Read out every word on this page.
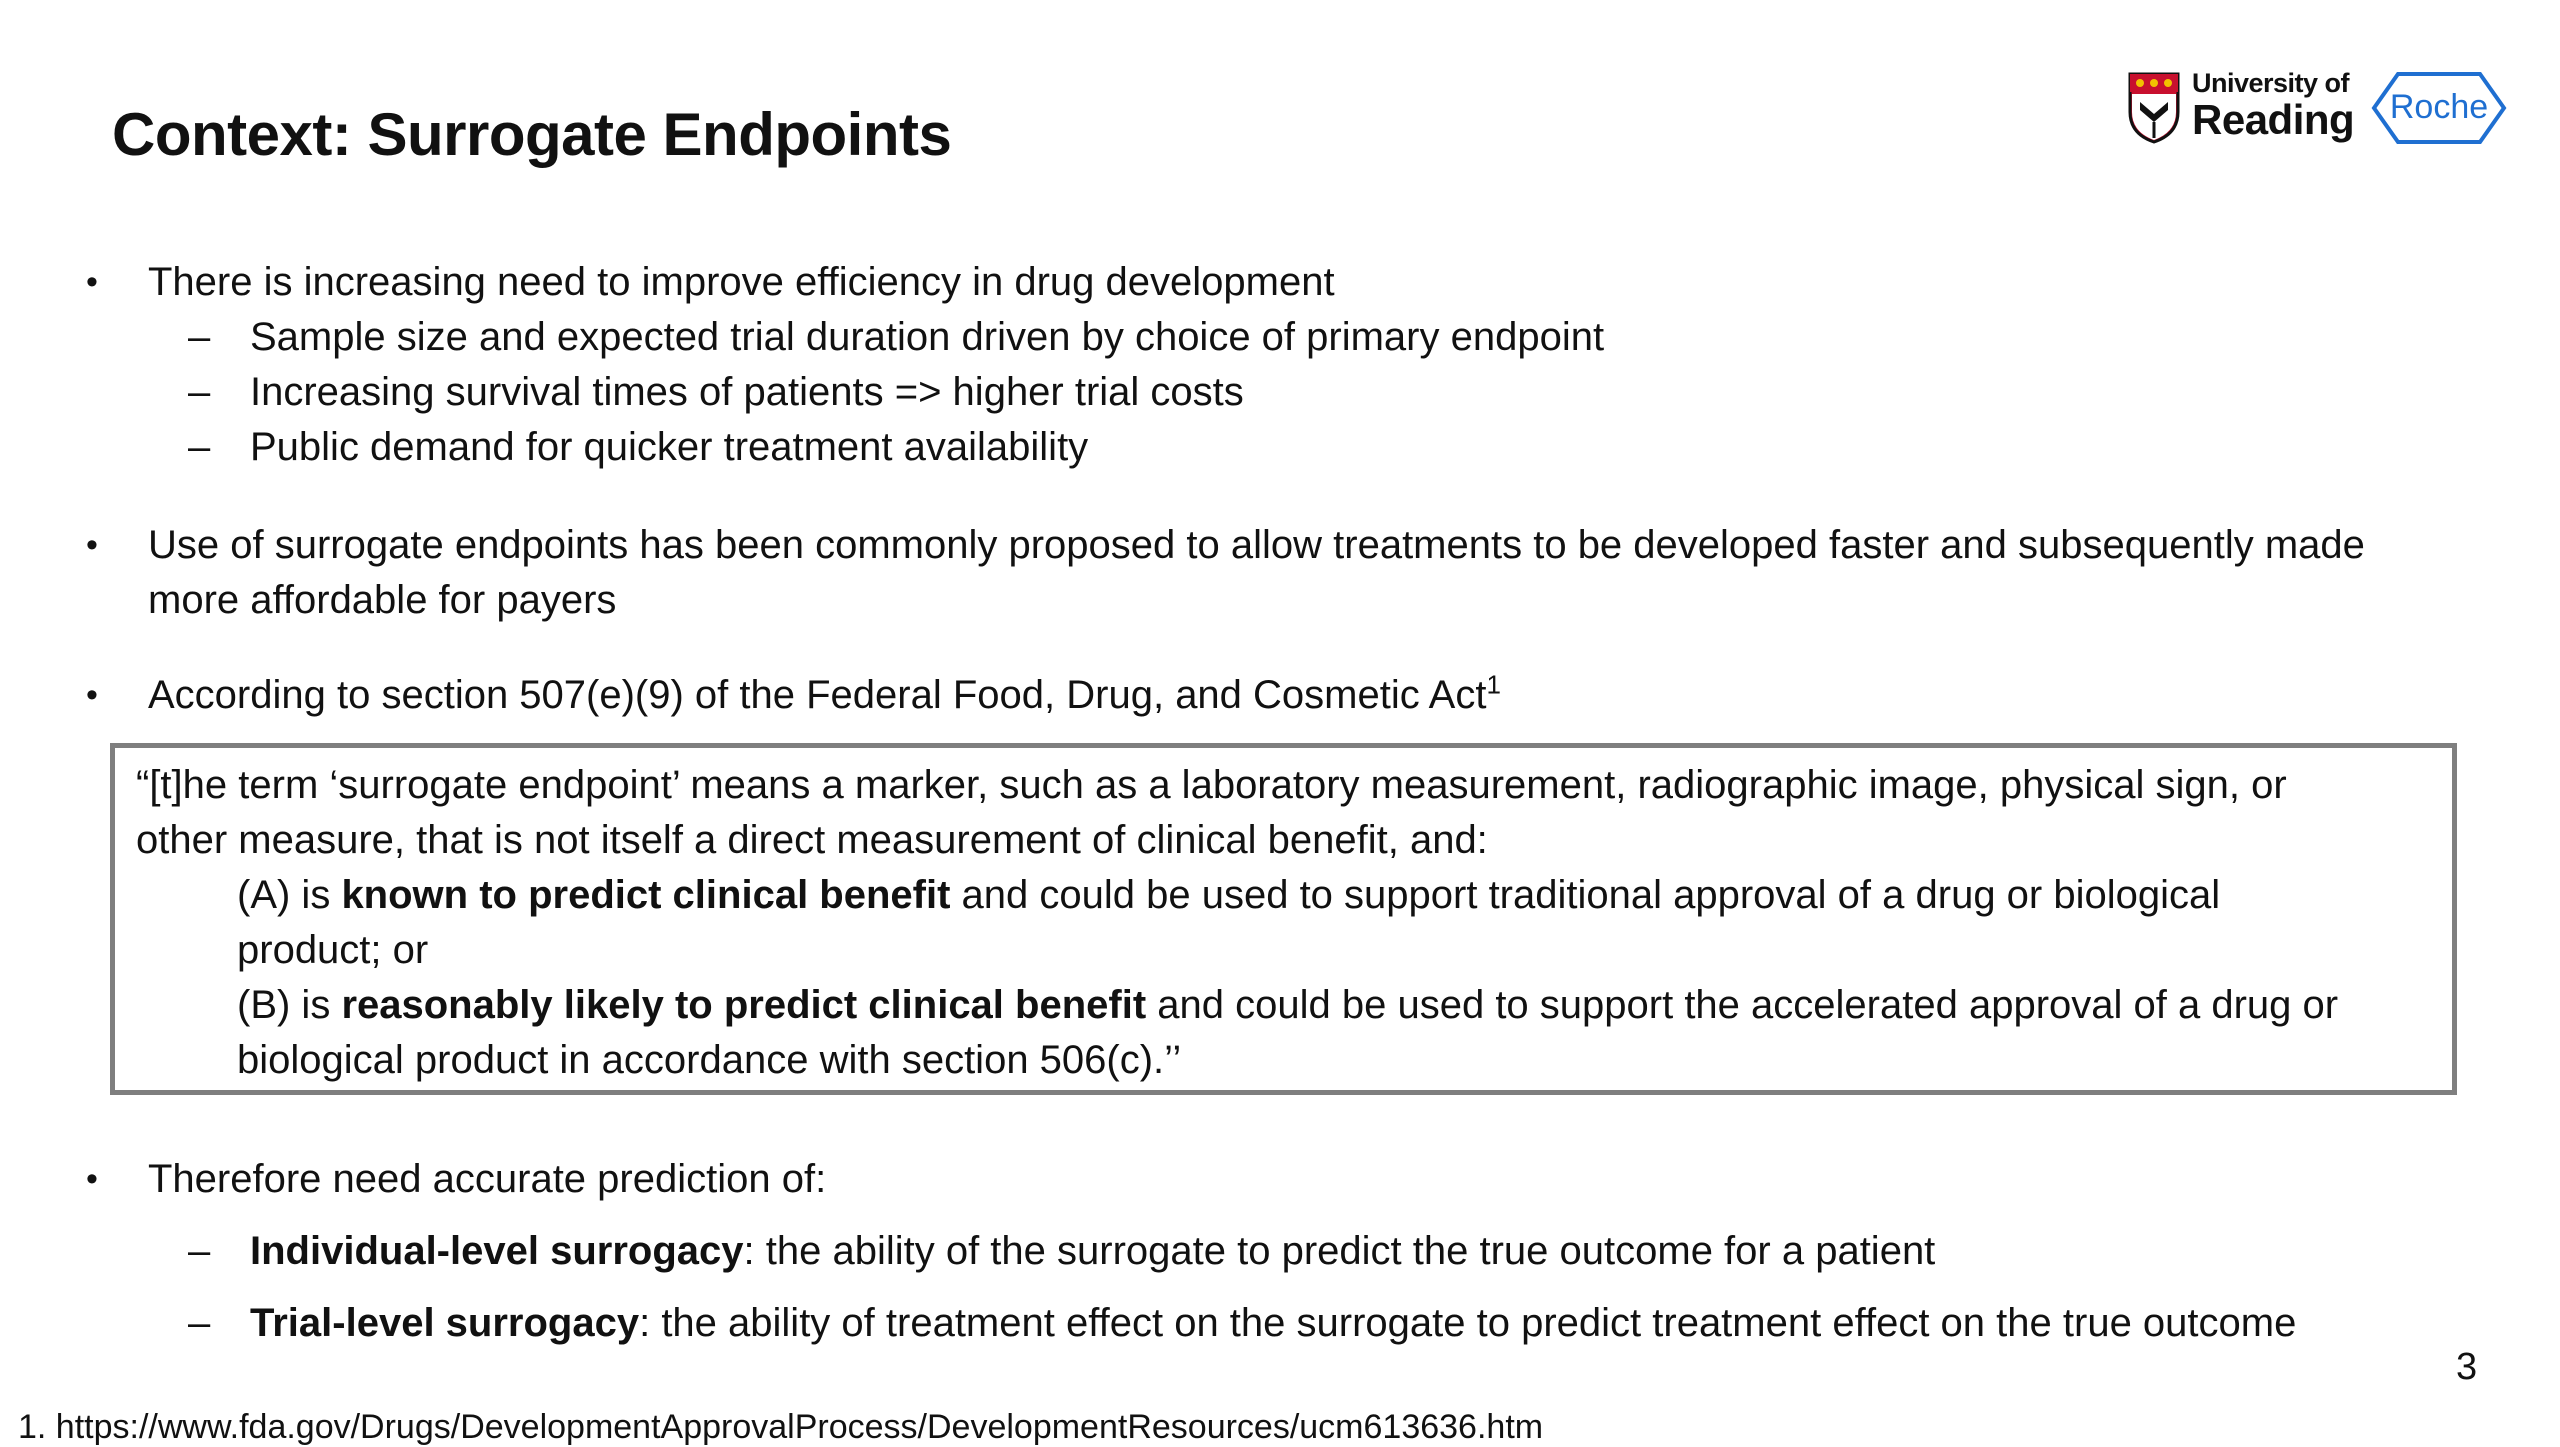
Context: Surrogate Endpoints
University of
Reading Roche
• There is increasing need to improve efficiency in drug development
– Sample size and expected trial duration driven by choice of primary endpoint
– Increasing survival times of patients => higher trial costs
– Public demand for quicker treatment availability
• Use of surrogate endpoints has been commonly proposed to allow treatments to be developed faster and subsequently made
more affordable for payers
• According to section 507(e)(9) of the Federal Food, Drug, and Cosmetic Act$^1$
“[t]he term ‘surrogate endpoint’ means a marker, such as a laboratory measurement, radiographic image, physical sign, or
other measure, that is not itself a direct measurement of clinical benefit, and:
(A) is known to predict clinical benefit and could be used to support traditional approval of a drug or biological
product; or
(B) is reasonably likely to predict clinical benefit and could be used to support the accelerated approval of a drug or
biological product in accordance with section 506(c).’’
• Therefore need accurate prediction of:
– Individual-level surrogacy: the ability of the surrogate to predict the true outcome for a patient
– Trial-level surrogacy: the ability of treatment effect on the surrogate to predict treatment effect on the true outcome
3
1. https://www.fda.gov/Drugs/DevelopmentApprovalProcess/DevelopmentResources/ucm613636.htm
